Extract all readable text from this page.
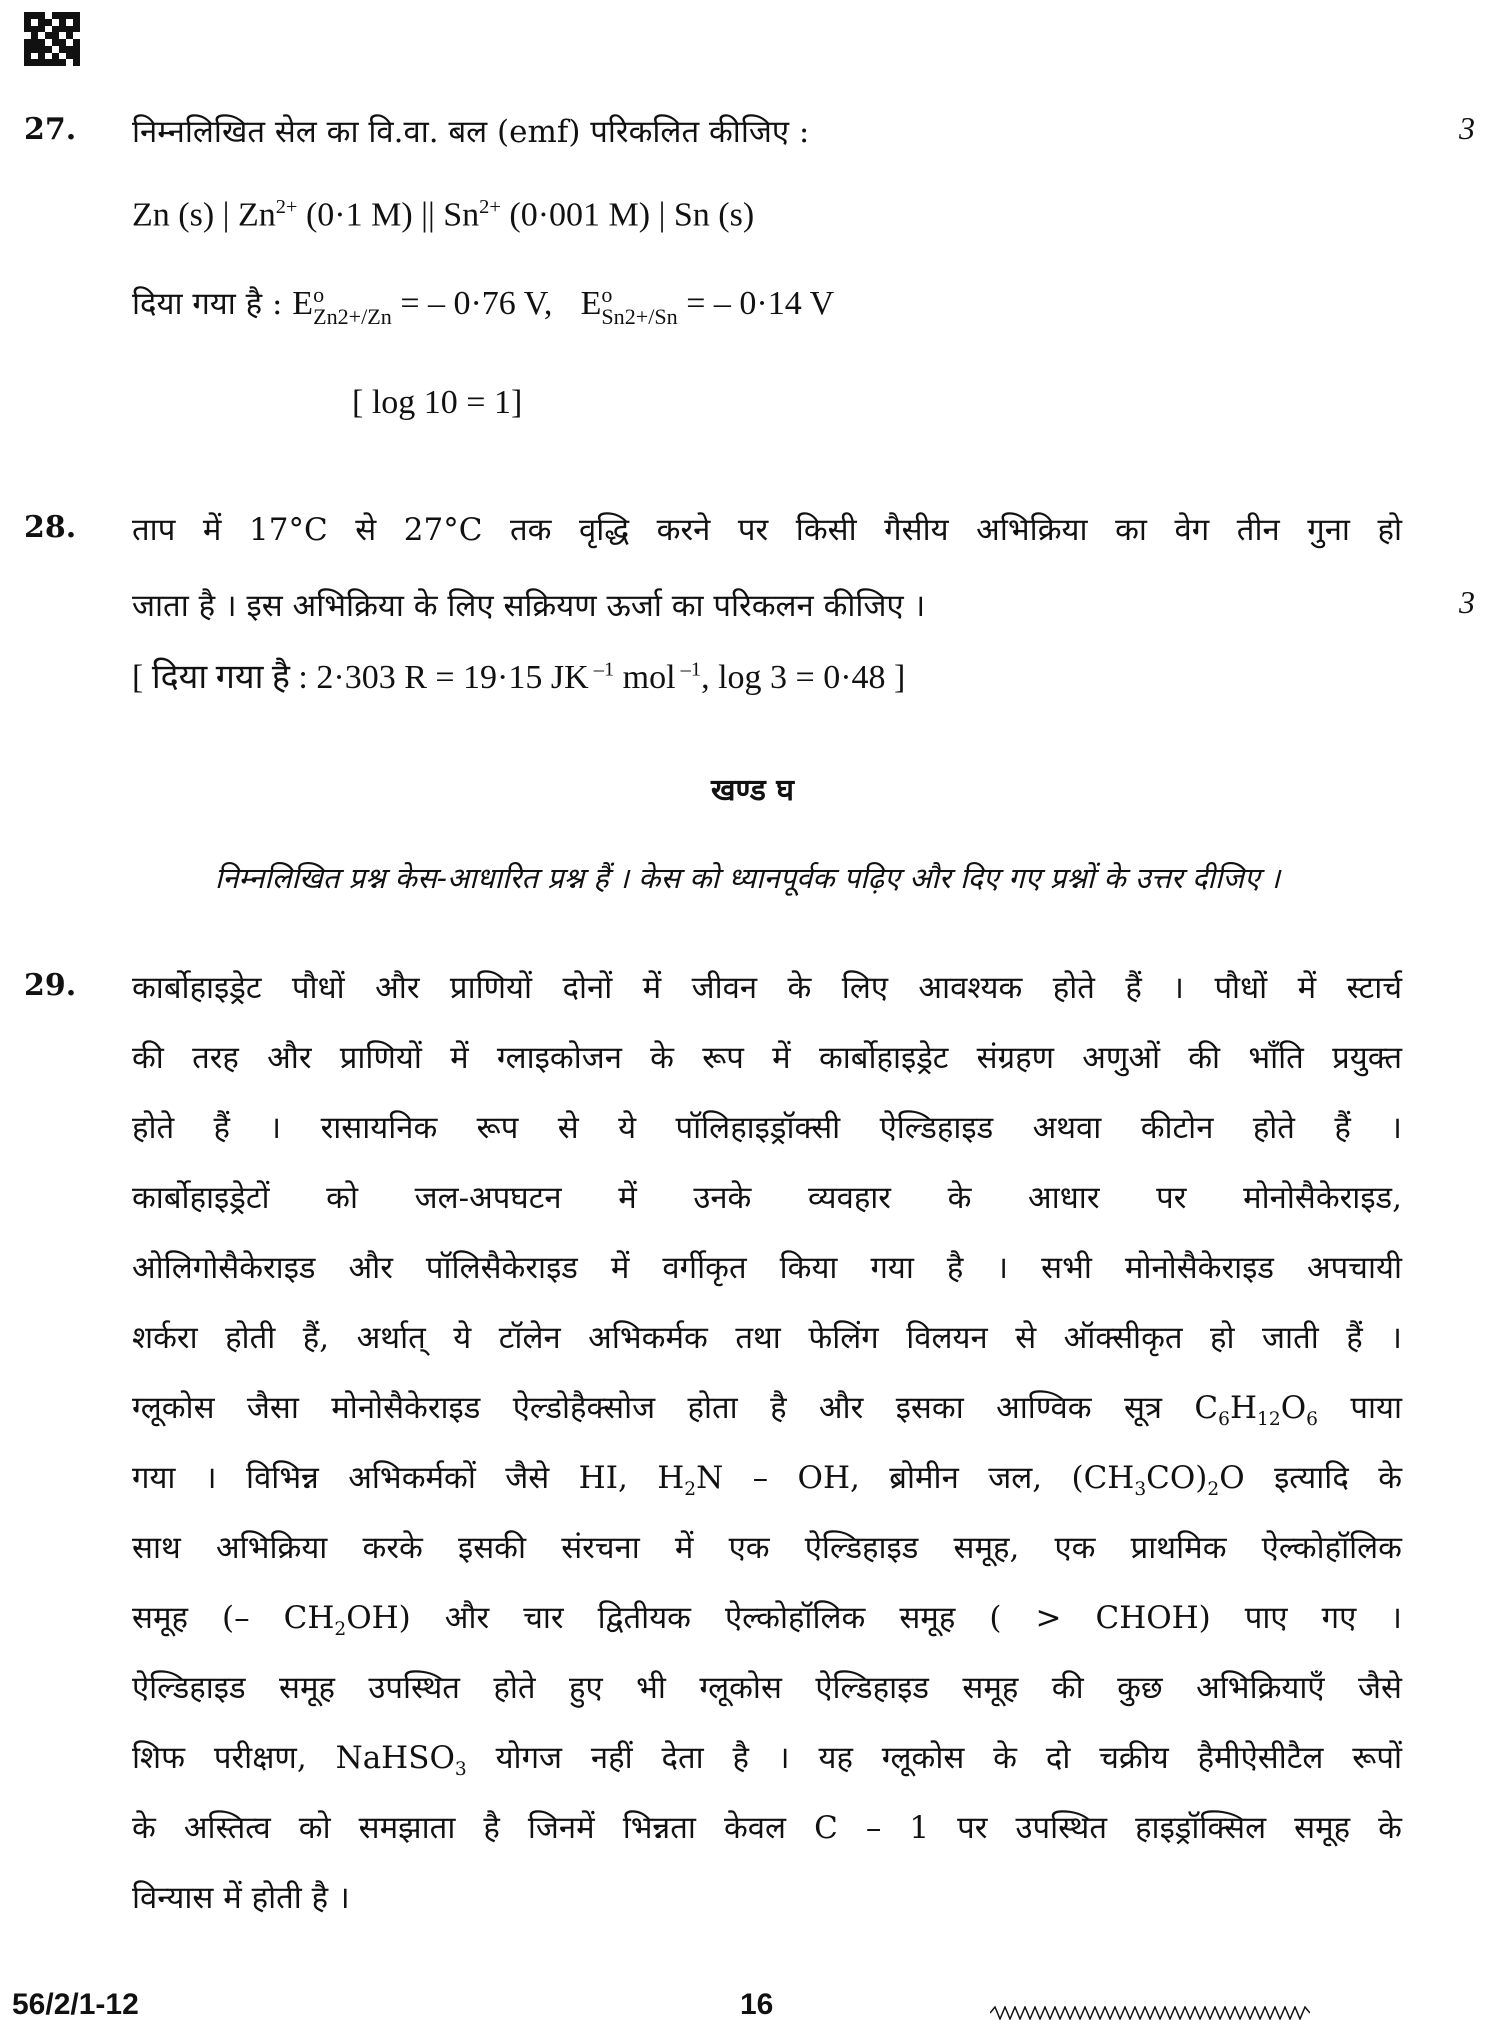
27. निम्नलिखित सेल का वि.वा. बल (emf) परिकलित कीजिए :	3
Zn (s) | $Zn^{2+}$ (0·1 M) || $Sn^{2+}$ (0·001 M) | Sn (s)
दिया गया है : E o
Zn2+/Zn = – 0·76 V, E o
Sn2+/Sn = – 0·14 V
[ log 10 = 1]
28. ताप में 17°C से 27°C तक वृद्धि करने पर किसी गैसीय अभिक्रिया का वेग तीन गुना हो
जाता है । इस अभिक्रिया के लिए सक्रियण ऊर्जा का परिकलन कीजिए ।	3
[ दिया गया है : 2·303 R = 19·15 JK $^{-1}$ mol $^{-1}$, log 3 = 0·48 ]
खण्ड घ
निम्नलिखित प्रश्न केस-आधारित प्रश्न हैं । केस को ध्यानपूर्वक पढ़िए और दिए गए प्रश्नों के उत्तर दीजिए ।
29. कार्बोहाइड्रेट पौधों और प्राणियों दोनों में जीवन के लिए आवश्यक होते हैं । पौधों में स्टार्च
की तरह और प्राणियों में ग्लाइकोजन के रूप में कार्बोहाइड्रेट संग्रहण अणुओं की भाँति प्रयुक्त
होते हैं । रासायनिक रूप से ये पॉलिहाइड्रॉक्सी ऐल्डिहाइड अथवा कीटोन होते हैं ।
कार्बोहाइड्रेटों को जल-अपघटन में उनके व्यवहार के आधार पर मोनोसैकेराइड,
ओलिगोसैकेराइड और पॉलिसैकेराइड में वर्गीकृत किया गया है । सभी मोनोसैकेराइड अपचायी
शर्करा होती हैं, अर्थात् ये टॉलेन अभिकर्मक तथा फेलिंग विलयन से ऑक्सीकृत हो जाती हैं ।
ग्लूकोस जैसा मोनोसैकेराइड ऐल्डोहैक्सोज होता है और इसका आण्विक सूत्र $C_6H_{12}O_6$ पाया
गया । विभिन्न अभिकर्मकों जैसे HI, $H_2N$ – OH, ब्रोमीन जल, $(CH_3CO)_2O$ इत्यादि के
साथ अभिक्रिया करके इसकी संरचना में एक ऐल्डिहाइड समूह, एक प्राथमिक ऐल्कोहॉलिक
समूह (– $CH_2OH$) और चार द्वितीयक ऐल्कोहॉलिक समूह ( > CHOH) पाए गए ।
ऐल्डिहाइड समूह उपस्थित होते हुए भी ग्लूकोस ऐल्डिहाइड समूह की कुछ अभिक्रियाएँ जैसे
शिफ परीक्षण, NaHSO$_3$ योगज नहीं देता है । यह ग्लूकोस के दो चक्रीय हैमीऐसीटैल रूपों
के अस्तित्व को समझाता है जिनमें भिन्नता केवल C – 1 पर उपस्थित हाइड्रॉक्सिल समूह के
विन्यास में होती है ।
56/2/1-12	16
